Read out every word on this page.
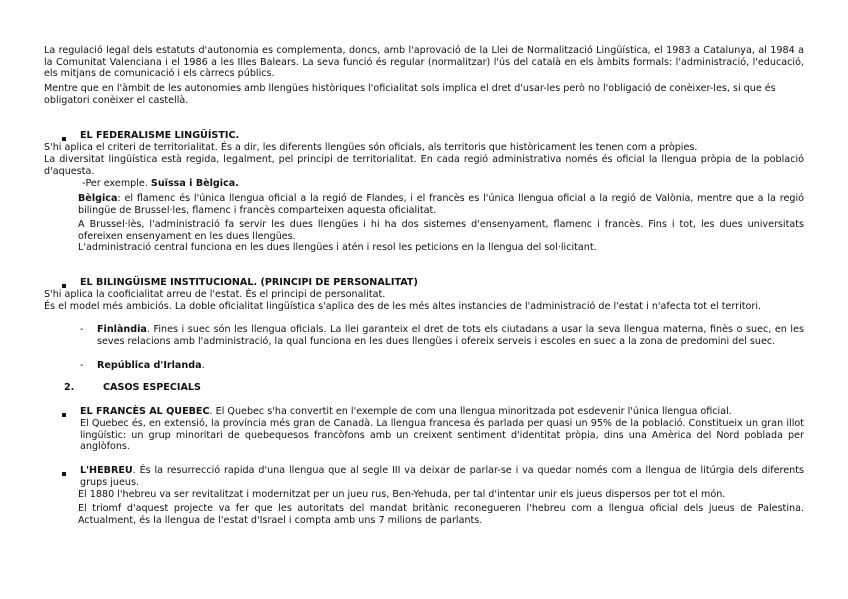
La regulació legal dels estatuts d'autonomia es complementa, doncs, amb l'aprovació de la Llei de Normalització Lingüística, el 1983 a Catalunya, al 1984 a la Comunitat Valenciana i el 1986 a les Illes Balears. La seva funció és regular (normalitzar) l'ús del català en els àmbits formals: l'administració, l'educació, els mitjans de comunicació i els càrrecs públics.

Mentre que en l'àmbit de les autonomies amb llengües històriques l'oficialitat sols implica el dret d'usar-les però no l'obligació de conèixer-les, si que és obligatori conèixer el castellà.

EL FEDERALISME LINGÜÍSTIC.

S'hi aplica el criteri de territorialitat. És a dir, les diferents llengües són oficials, als territoris que històricament les tenen com a pròpies.

La diversitat lingüística està regida, legalment, pel principi de territorialitat. En cada regió administrativa només és oficial la llengua pròpia de la població d'aquesta.

-Per exemple. Suïssa i Bèlgica.

Bèlgica: el flamenc és l'única llengua oficial a la regió de Flandes, i el francès es l'única llengua oficial a la regió de Valònia, mentre que a la regió bilingüe de Brussel·les, flamenc i francès comparteixen aquesta oficialitat.

A Brussel·lès, l'administració fa servir les dues llengües i hi ha dos sistemes d'ensenyament, flamenc i francès. Fins i tot, les dues universitats ofereixen ensenyament en les dues llengües.

L'administració central funciona en les dues llengües i atén i resol les peticions en la llengua del sol·licitant.

EL BILINGÜISME INSTITUCIONAL. (PRINCIPI DE PERSONALITAT)

S'hi aplica la cooficialitat arreu de l'estat. És el principi de personalitat.

És el model més ambiciós. La doble oficialitat lingüística s'aplica des de les més altes instancies de l'administració de l'estat i n'afecta tot el territori.

- Finlàndia. Fines i suec són les llengua oficials. La llei garanteix el dret de tots els ciutadans a usar la seva llengua materna, finès o suec, en les seves relacions amb l'administració, la qual funciona en les dues llengües i ofereix serveis i escoles en suec a la zona de predomini del suec.
- República d'Irlanda.
2.	CASOS ESPECIALS
EL FRANCÈS AL QUEBEC. El Quebec s'ha convertit en l'exemple de com una llengua minoritzada pot esdevenir l'única llengua oficial.

El Quebec és, en extensió, la província més gran de Canadà. La llengua francesa és parlada per quasi un 95% de la població. Constitueix un gran illot lingüístic: un grup minoritari de quebequesos francòfons amb un creixent sentiment d'identitat pròpia, dins una Amèrica del Nord poblada per anglòfons.

L'HEBREU. És la resurrecció rapida d'una llengua que al segle III va deixar de parlar-se i va quedar només com a llengua de litúrgia dels diferents grups jueus.

El 1880 l'hebreu va ser revitalitzat i modernitzat per un jueu rus, Ben-Yehuda, per tal d'intentar unir els jueus dispersos per tot el món.

El triomf d'aquest projecte va fer que les autoritats del mandat britànic reconegueren l'hebreu com a llengua oficial dels jueus de Palestina. Actualment, és la llengua de l'estat d'Israel i compta amb uns 7 milions de parlants.
